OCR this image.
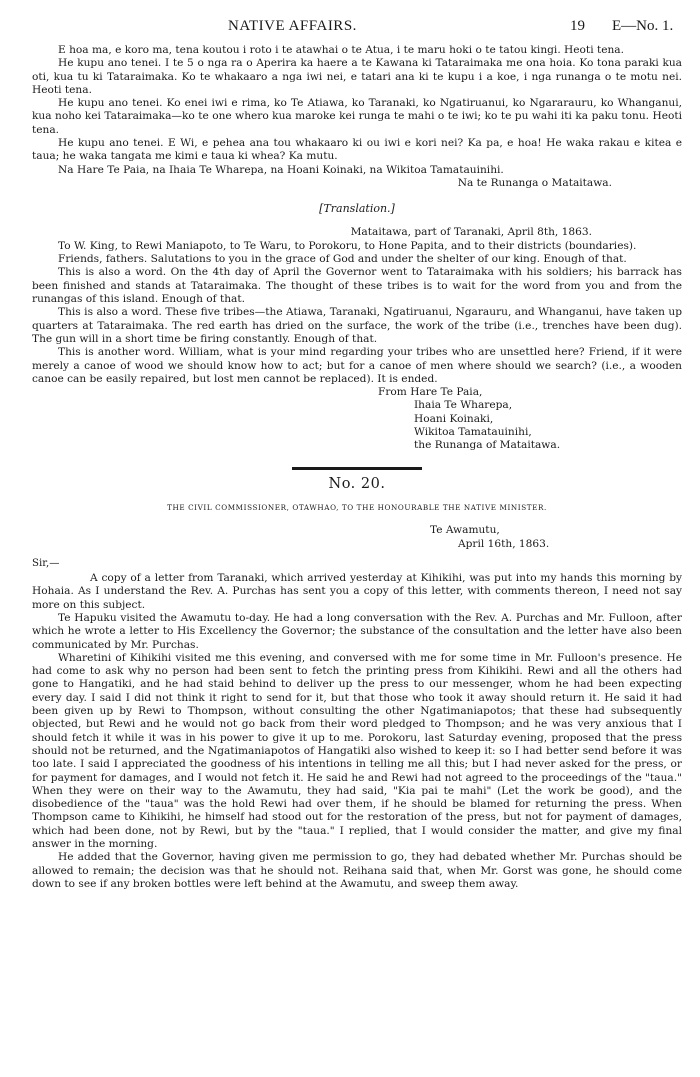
NATIVE AFFAIRS.	19 E—No. 1.

E hoa ma, e koro ma, tena koutou i roto i te atawhai o te Atua, i te maru hoki o te tatou kingi. Heoti tena.

He kupu ano tenei. I te 5 o nga ra o Aperira ka haere a te Kawana ki Tataraimaka me ona hoia. Ko tona paraki kua oti, kua tu ki Tataraimaka. Ko te whakaaro a nga iwi nei, e tatari ana ki te kupu i a koe, i nga runanga o te motu nei. Heoti tena.

He kupu ano tenei. Ko enei iwi e rima, ko Te Atiawa, ko Taranaki, ko Ngatiruanui, ko Ngararauru, ko Whanganui, kua noho kei Tataraimaka—ko te one whero kua maroke kei runga te mahi o te iwi; ko te pu wahi iti ka paku tonu. Heoti tena.

He kupu ano tenei. E Wi, e pehea ana tou whakaaro ki ou iwi e kori nei? Ka pa, e hoa! He waka rakau e kitea e taua; he waka tangata me kimi e taua ki whea? Ka mutu.

Na Hare Te Paia, na Ihaia Te Wharepa, na Hoani Koinaki, na Wikitoa Tamatauinihi.

Na te Runanga o Mataitawa.

[Translation.]

Mataitawa, part of Taranaki, April 8th, 1863.

To W. King, to Rewi Maniapoto, to Te Waru, to Porokoru, to Hone Papita, and to their districts (boundaries).

Friends, fathers. Salutations to you in the grace of God and under the shelter of our king. Enough of that.

This is also a word. On the 4th day of April the Governor went to Tataraimaka with his soldiers; his barrack has been finished and stands at Tataraimaka. The thought of these tribes is to wait for the word from you and from the runangas of this island. Enough of that.

This is also a word. These five tribes—the Atiawa, Taranaki, Ngatiruanui, Ngarauru, and Whanganui, have taken up quarters at Tataraimaka. The red earth has dried on the surface, the work of the tribe (i.e., trenches have been dug). The gun will in a short time be firing constantly. Enough of that.

This is another word. William, what is your mind regarding your tribes who are unsettled here? Friend, if it were merely a canoe of wood we should know how to act; but for a canoe of men where should we search? (i.e., a wooden canoe can be easily repaired, but lost men cannot be replaced). It is ended.

From Hare Te Paia,

Ihaia Te Wharepa,

Hoani Koinaki,

Wikitoa Tamatauinihi,

the Runanga of Mataitawa.

No. 20.

THE CIVIL COMMISSIONER, OTAWHAO, TO THE HONOURABLE THE NATIVE MINISTER.

Te Awamutu,

April 16th, 1863.

Sir,—

A copy of a letter from Taranaki, which arrived yesterday at Kihikihi, was put into my hands this morning by Hohaia. As I understand the Rev. A. Purchas has sent you a copy of this letter, with comments thereon, I need not say more on this subject.

Te Hapuku visited the Awamutu to-day. He had a long conversation with the Rev. A. Purchas and Mr. Fulloon, after which he wrote a letter to His Excellency the Governor; the substance of the consultation and the letter have also been communicated by Mr. Purchas.

Wharetini of Kihikihi visited me this evening, and conversed with me for some time in Mr. Fulloon's presence. He had come to ask why no person had been sent to fetch the printing press from Kihikihi. Rewi and all the others had gone to Hangatiki, and he had staid behind to deliver up the press to our messenger, whom he had been expecting every day. I said I did not think it right to send for it, but that those who took it away should return it. He said it had been given up by Rewi to Thompson, without consulting the other Ngatimaniapotos; that these had subsequently objected, but Rewi and he would not go back from their word pledged to Thompson; and he was very anxious that I should fetch it while it was in his power to give it up to me. Porokoru, last Saturday evening, proposed that the press should not be returned, and the Ngatimaniapotos of Hangatiki also wished to keep it: so I had better send before it was too late. I said I appreciated the goodness of his intentions in telling me all this; but I had never asked for the press, or for payment for damages, and I would not fetch it. He said he and Rewi had not agreed to the proceedings of the "taua." When they were on their way to the Awamutu, they had said, "Kia pai te mahi" (Let the work be good), and the disobedience of the "taua" was the hold Rewi had over them, if he should be blamed for returning the press. When Thompson came to Kihikihi, he himself had stood out for the restoration of the press, but not for payment of damages, which had been done, not by Rewi, but by the "taua." I replied, that I would consider the matter, and give my final answer in the morning.

He added that the Governor, having given me permission to go, they had debated whether Mr. Purchas should be allowed to remain; the decision was that he should not. Reihana said that, when Mr. Gorst was gone, he should come down to see if any broken bottles were left behind at the Awamutu, and sweep them away.
